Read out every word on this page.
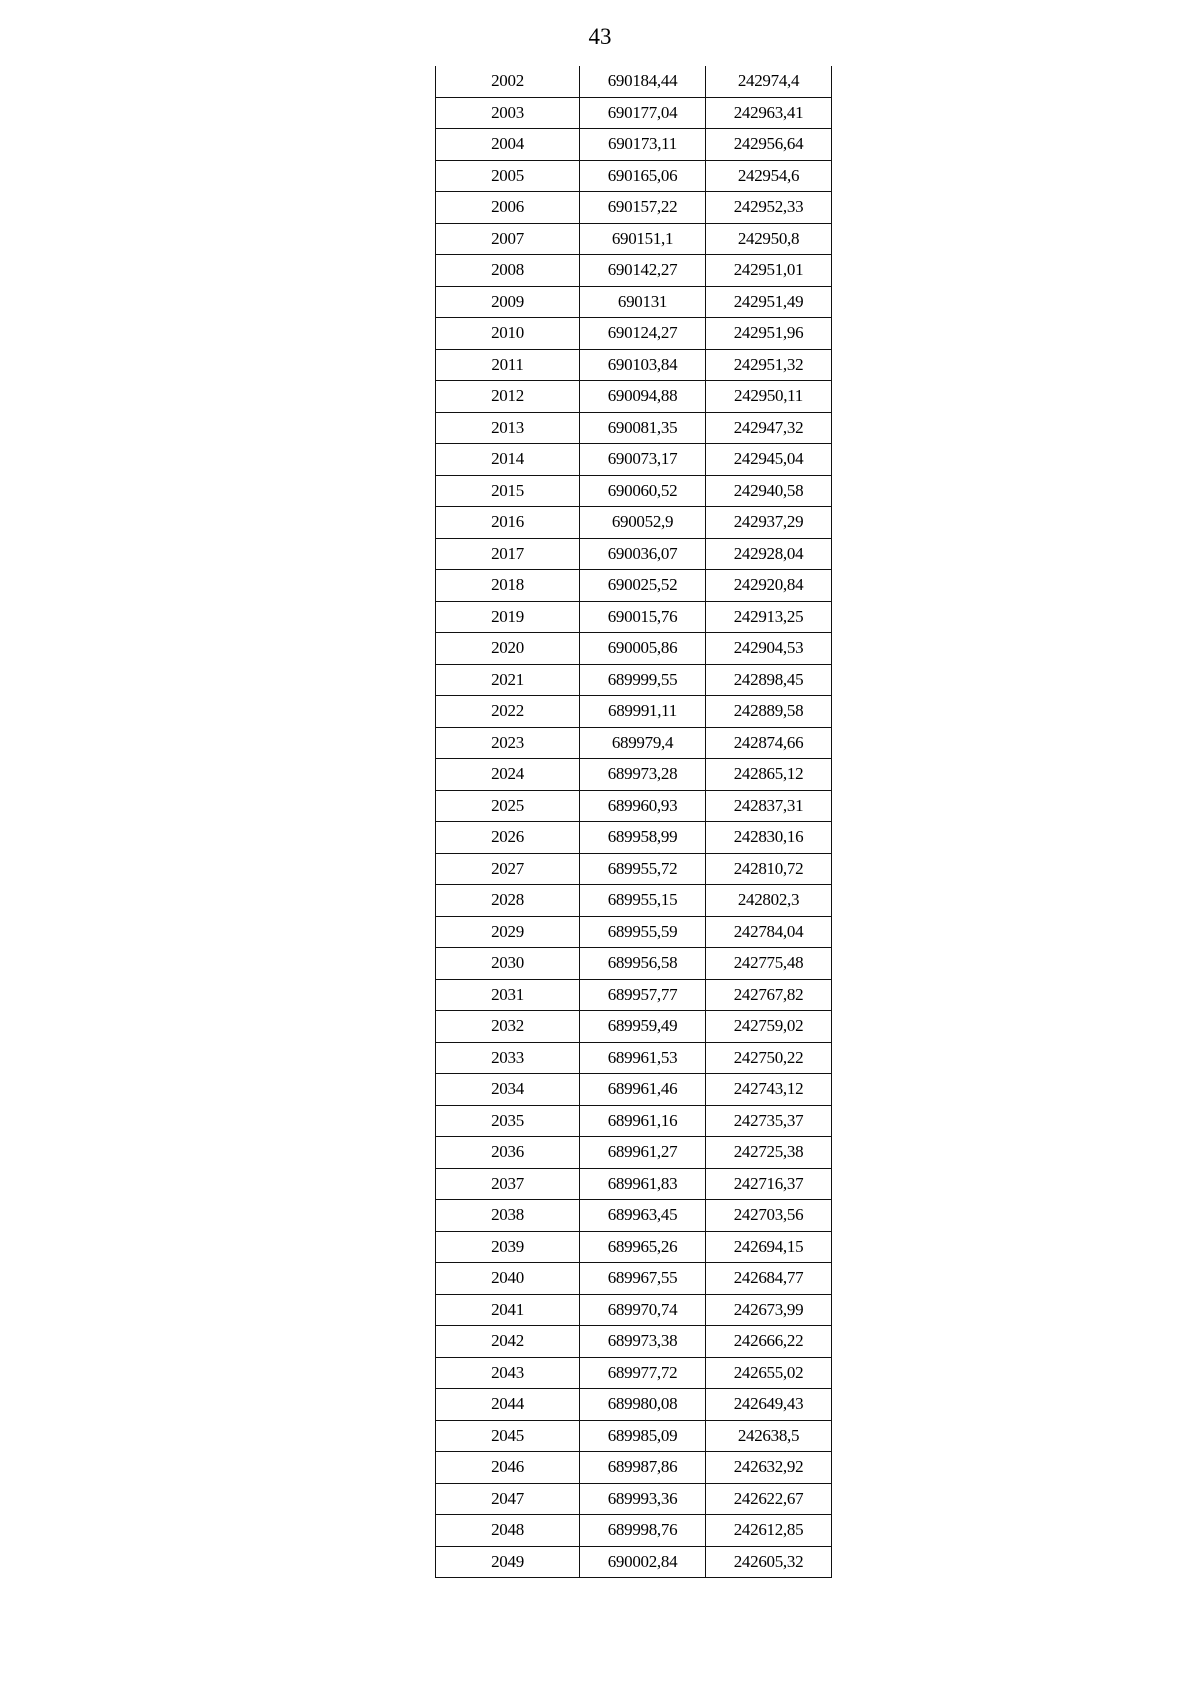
43
2002	690184,44	242974,4
2003	690177,04	242963,41
2004	690173,11	242956,64
2005	690165,06	242954,6
2006	690157,22	242952,33
2007	690151,1	242950,8
2008	690142,27	242951,01
2009	690131	242951,49
2010	690124,27	242951,96
2011	690103,84	242951,32
2012	690094,88	242950,11
2013	690081,35	242947,32
2014	690073,17	242945,04
2015	690060,52	242940,58
2016	690052,9	242937,29
2017	690036,07	242928,04
2018	690025,52	242920,84
2019	690015,76	242913,25
2020	690005,86	242904,53
2021	689999,55	242898,45
2022	689991,11	242889,58
2023	689979,4	242874,66
2024	689973,28	242865,12
2025	689960,93	242837,31
2026	689958,99	242830,16
2027	689955,72	242810,72
2028	689955,15	242802,3
2029	689955,59	242784,04
2030	689956,58	242775,48
2031	689957,77	242767,82
2032	689959,49	242759,02
2033	689961,53	242750,22
2034	689961,46	242743,12
2035	689961,16	242735,37
2036	689961,27	242725,38
2037	689961,83	242716,37
2038	689963,45	242703,56
2039	689965,26	242694,15
2040	689967,55	242684,77
2041	689970,74	242673,99
2042	689973,38	242666,22
2043	689977,72	242655,02
2044	689980,08	242649,43
2045	689985,09	242638,5
2046	689987,86	242632,92
2047	689993,36	242622,67
2048	689998,76	242612,85
2049	690002,84	242605,32
